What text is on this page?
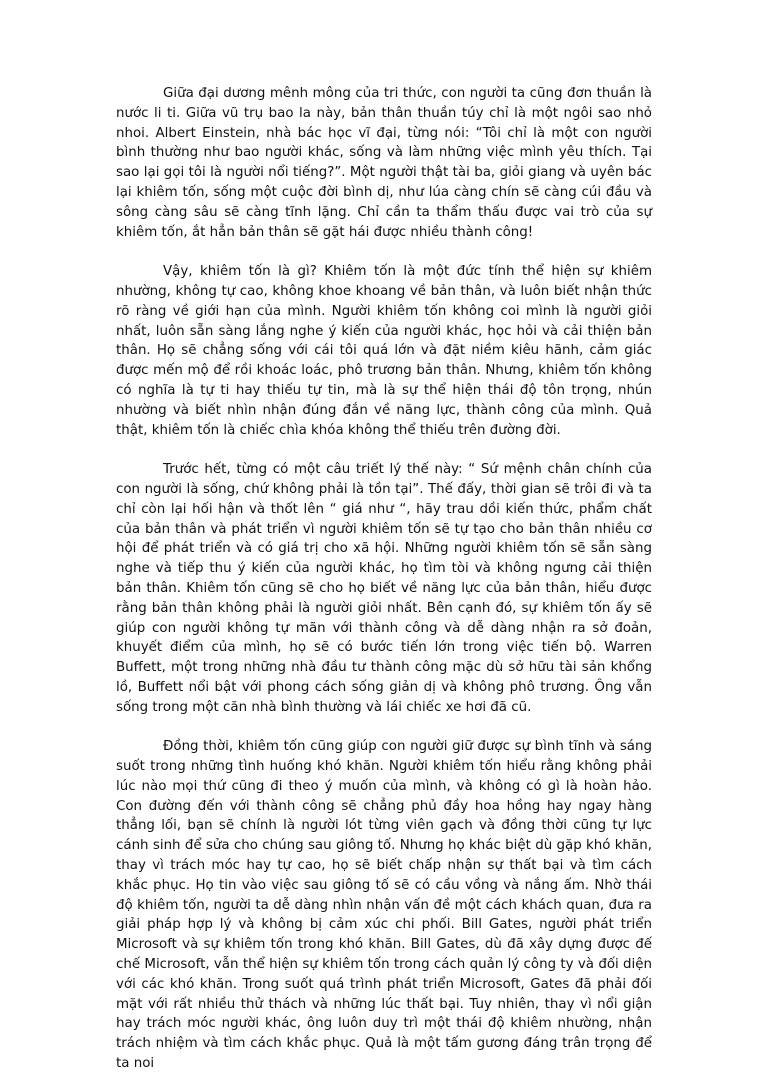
Giữa đại dương mênh mông của tri thức, con người ta cũng đơn thuần là nước li ti. Giữa vũ trụ bao la này, bản thân thuần túy chỉ là một ngôi sao nhỏ nhoi. Albert Einstein, nhà bác học vĩ đại, từng nói: “Tôi chỉ là một con người bình thường như bao người khác, sống và làm những việc mình yêu thích. Tại sao lại gọi tôi là người nổi tiếng?”. Một người thật tài ba, giỏi giang và uyên bác lại khiêm tốn, sống một cuộc đời bình dị, như lúa càng chín sẽ càng cúi đầu và sông càng sâu sẽ càng tĩnh lặng. Chỉ cần ta thẩm thấu được vai trò của sự khiêm tốn, ắt hẳn bản thân sẽ gặt hái được nhiều thành công!

Vậy, khiêm tốn là gì? Khiêm tốn là một đức tính thể hiện sự khiêm nhường, không tự cao, không khoe khoang về bản thân, và luôn biết nhận thức rõ ràng về giới hạn của mình. Người khiêm tốn không coi mình là người giỏi nhất, luôn sẵn sàng lắng nghe ý kiến của người khác, học hỏi và cải thiện bản thân. Họ sẽ chẳng sống với cái tôi quá lớn và đặt niềm kiêu hãnh, cảm giác được mến mộ để rồi khoác loác, phô trương bản thân. Nhưng, khiêm tốn không có nghĩa là tự ti hay thiếu tự tin, mà là sự thể hiện thái độ tôn trọng, nhún nhường và biết nhìn nhận đúng đắn về năng lực, thành công của mình. Quả thật, khiêm tốn là chiếc chìa khóa không thể thiếu trên đường đời.

Trước hết, từng có một câu triết lý thế này: “ Sứ mệnh chân chính của con người là sống, chứ không phải là tồn tại”. Thế đấy, thời gian sẽ trôi đi và ta chỉ còn lại hối hận và thốt lên “ giá như “, hãy trau dồi kiến thức, phẩm chất của bản thân và phát triển vì người khiêm tốn sẽ tự tạo cho bản thân nhiều cơ hội để phát triển và có giá trị cho xã hội. Những người khiêm tốn sẽ sẵn sàng nghe và tiếp thu ý kiến của người khác, họ tìm tòi và không ngưng cải thiện bản thân. Khiêm tốn cũng sẽ cho họ biết về năng lực của bản thân, hiểu được rằng bản thân không phải là người giỏi nhất. Bên cạnh đó, sự khiêm tốn ấy sẽ giúp con người không tự mãn với thành công và dễ dàng nhận ra sở đoản, khuyết điểm của mình, họ sẽ có bước tiến lớn trong việc tiến bộ. Warren Buffett, một trong những nhà đầu tư thành công mặc dù sở hữu tài sản khổng lồ, Buffett nổi bật với phong cách sống giản dị và không phô trương. Ông vẫn sống trong một căn nhà bình thường và lái chiếc xe hơi đã cũ.

Đồng thời, khiêm tốn cũng giúp con người giữ được sự bình tĩnh và sáng suốt trong những tình huống khó khăn. Người khiêm tốn hiểu rằng không phải lúc nào mọi thứ cũng đi theo ý muốn của mình, và không có gì là hoàn hảo. Con đường đến với thành công sẽ chẳng phủ đầy hoa hồng hay ngay hàng thẳng lối, bạn sẽ chính là người lót từng viên gạch và đồng thời cũng tự lực cánh sinh để sửa cho chúng sau giông tố. Nhưng họ khác biệt dù gặp khó khăn, thay vì trách móc hay tự cao, họ sẽ biết chấp nhận sự thất bại và tìm cách khắc phục. Họ tin vào việc sau giông tố sẽ có cầu vồng và nắng ấm. Nhờ thái độ khiêm tốn, người ta dễ dàng nhìn nhận vấn đề một cách khách quan, đưa ra giải pháp hợp lý và không bị cảm xúc chi phối. Bill Gates, người phát triển Microsoft và sự khiêm tốn trong khó khăn. Bill Gates, dù đã xây dựng được đế chế Microsoft, vẫn thể hiện sự khiêm tốn trong cách quản lý công ty và đối diện với các khó khăn. Trong suốt quá trình phát triển Microsoft, Gates đã phải đối mặt với rất nhiều thử thách và những lúc thất bại. Tuy nhiên, thay vì nổi giận hay trách móc người khác, ông luôn duy trì một thái độ khiêm nhường, nhận trách nhiệm và tìm cách khắc phục. Quả là một tấm gương đáng trân trọng để ta noi
